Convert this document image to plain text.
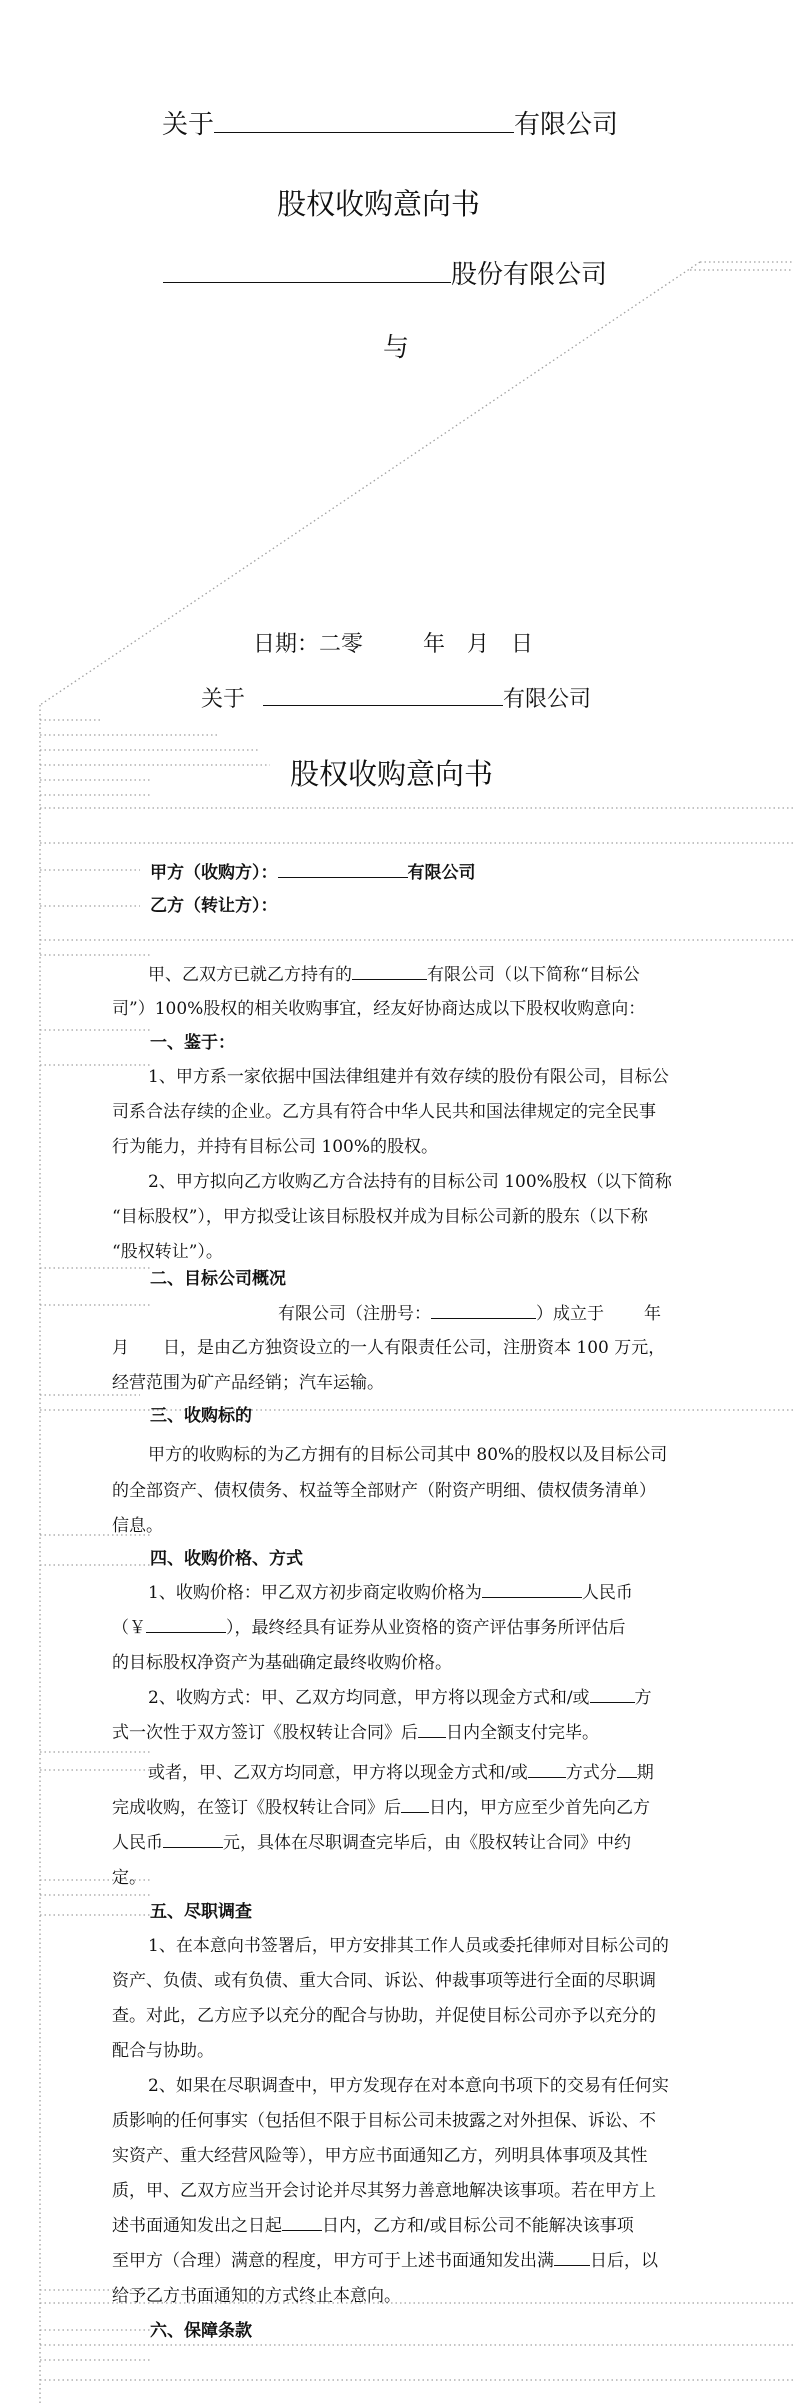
关于	有限公司
股权收购意向书
股份有限公司
与
日期：二零	年 月 日
关于	有限公司
股权收购意向书
甲方（收购方）：	有限公司
乙方（转让方）：
甲、乙双方已就乙方持有的	有限公司（以下简称“目标公
司”）100%股权的相关收购事宜，经友好协商达成以下股权收购意向：
一、鉴于：
1、甲方系一家依据中国法律组建并有效存续的股份有限公司，目标公
司系合法存续的企业。乙方具有符合中华人民共和国法律规定的完全民事
行为能力，并持有目标公司 100%的股权。
2、甲方拟向乙方收购乙方合法持有的目标公司 100%股权（以下简称
“目标股权”），甲方拟受让该目标股权并成为目标公司新的股东（以下称
“股权转让”）。
二、目标公司概况
有限公司（注册号：	）成立于 年
月　　日，是由乙方独资设立的一人有限责任公司，注册资本 100 万元，
经营范围为矿产品经销；汽车运输。
三、收购标的
甲方的收购标的为乙方拥有的目标公司其中 80%的股权以及目标公司
的全部资产、债权债务、权益等全部财产（附资产明细、债权债务清单）
信息。
四、收购价格、方式
1、收购价格：甲乙双方初步商定收购价格为	人民币
（￥	），最终经具有证券从业资格的资产评估事务所评估后
的目标股权净资产为基础确定最终收购价格。
2、收购方式：甲、乙双方均同意，甲方将以现金方式和/或	方
式一次性于双方签订《股权转让合同》后 日内全额支付完毕。
或者，甲、乙双方均同意，甲方将以现金方式和/或 方式分 期
完成收购，在签订《股权转让合同》后 日内，甲方应至少首先向乙方
人民币	元，具体在尽职调查完毕后，由《股权转让合同》中约
定。
五、尽职调查
1、在本意向书签署后，甲方安排其工作人员或委托律师对目标公司的
资产、负债、或有负债、重大合同、诉讼、仲裁事项等进行全面的尽职调
查。对此，乙方应予以充分的配合与协助，并促使目标公司亦予以充分的
配合与协助。
2、如果在尽职调查中，甲方发现存在对本意向书项下的交易有任何实
质影响的任何事实（包括但不限于目标公司未披露之对外担保、诉讼、不
实资产、重大经营风险等），甲方应书面通知乙方，列明具体事项及其性
质，甲、乙双方应当开会讨论并尽其努力善意地解决该事项。若在甲方上
述书面通知发出之日起 日内，乙方和/或目标公司不能解决该事项
至甲方（合理）满意的程度，甲方可于上述书面通知发出满 日后，以
给予乙方书面通知的方式终止本意向。
六、保障条款
